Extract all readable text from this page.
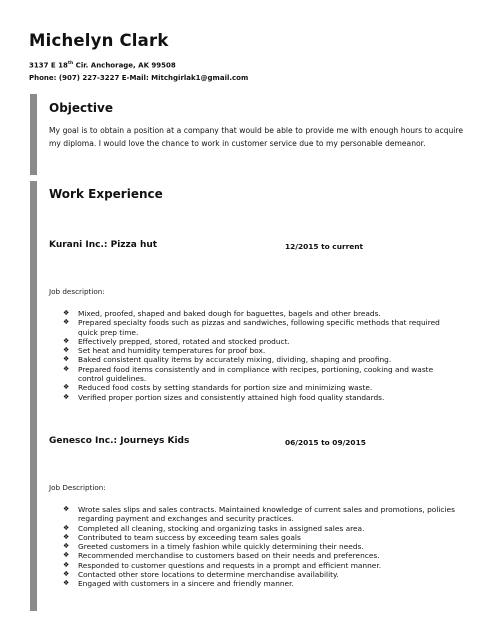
Michelyn Clark
3137 E 18th Cir. Anchorage, AK 99508
Phone: (907) 227-3227 E-Mail: Mitchgirlak1@gmail.com
Objective
My goal is to obtain a position at a company that would be able to provide me with enough hours to acquire my diploma. I would love the chance to work in customer service due to my personable demeanor.
Work Experience
Kurani Inc.: Pizza hut	12/2015 to current
Job description:
❖ Mixed, proofed, shaped and baked dough for baguettes, bagels and other breads.
❖ Prepared specialty foods such as pizzas and sandwiches, following specific methods that required quick prep time.
❖ Effectively prepped, stored, rotated and stocked product.
❖ Set heat and humidity temperatures for proof box.
❖ Baked consistent quality items by accurately mixing, dividing, shaping and proofing.
❖ Prepared food items consistently and in compliance with recipes, portioning, cooking and waste control guidelines.
❖ Reduced food costs by setting standards for portion size and minimizing waste.
❖ Verified proper portion sizes and consistently attained high food quality standards.
Genesco Inc.: Journeys Kids	06/2015 to 09/2015
Job Description:
❖ Wrote sales slips and sales contracts. Maintained knowledge of current sales and promotions, policies regarding payment and exchanges and security practices.
❖ Completed all cleaning, stocking and organizing tasks in assigned sales area.
❖ Contributed to team success by exceeding team sales goals
❖ Greeted customers in a timely fashion while quickly determining their needs.
❖ Recommended merchandise to customers based on their needs and preferences.
❖ Responded to customer questions and requests in a prompt and efficient manner.
❖ Contacted other store locations to determine merchandise availability.
❖ Engaged with customers in a sincere and friendly manner.
